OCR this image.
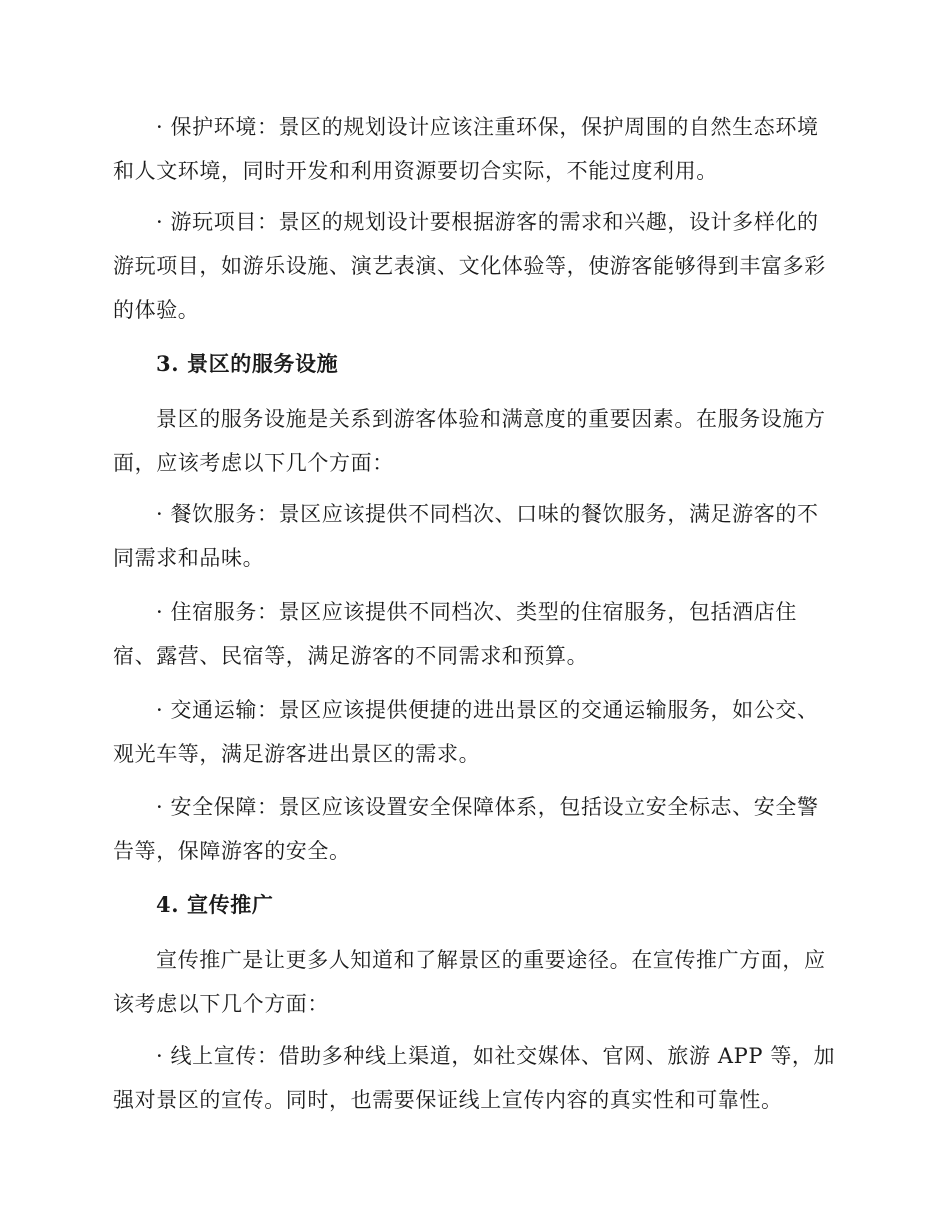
· 保护环境：景区的规划设计应该注重环保，保护周围的自然生态环境
和人文环境，同时开发和利用资源要切合实际，不能过度利用。

· 游玩项目：景区的规划设计要根据游客的需求和兴趣，设计多样化的
游玩项目，如游乐设施、演艺表演、文化体验等，使游客能够得到丰富多彩
的体验。

3. 景区的服务设施

景区的服务设施是关系到游客体验和满意度的重要因素。在服务设施方
面，应该考虑以下几个方面：

· 餐饮服务：景区应该提供不同档次、口味的餐饮服务，满足游客的不
同需求和品味。

· 住宿服务：景区应该提供不同档次、类型的住宿服务，包括酒店住
宿、露营、民宿等，满足游客的不同需求和预算。

· 交通运输：景区应该提供便捷的进出景区的交通运输服务，如公交、
观光车等，满足游客进出景区的需求。

· 安全保障：景区应该设置安全保障体系，包括设立安全标志、安全警
告等，保障游客的安全。

4. 宣传推广

宣传推广是让更多人知道和了解景区的重要途径。在宣传推广方面，应
该考虑以下几个方面：

· 线上宣传：借助多种线上渠道，如社交媒体、官网、旅游 APP 等，加
强对景区的宣传。同时，也需要保证线上宣传内容的真实性和可靠性。
